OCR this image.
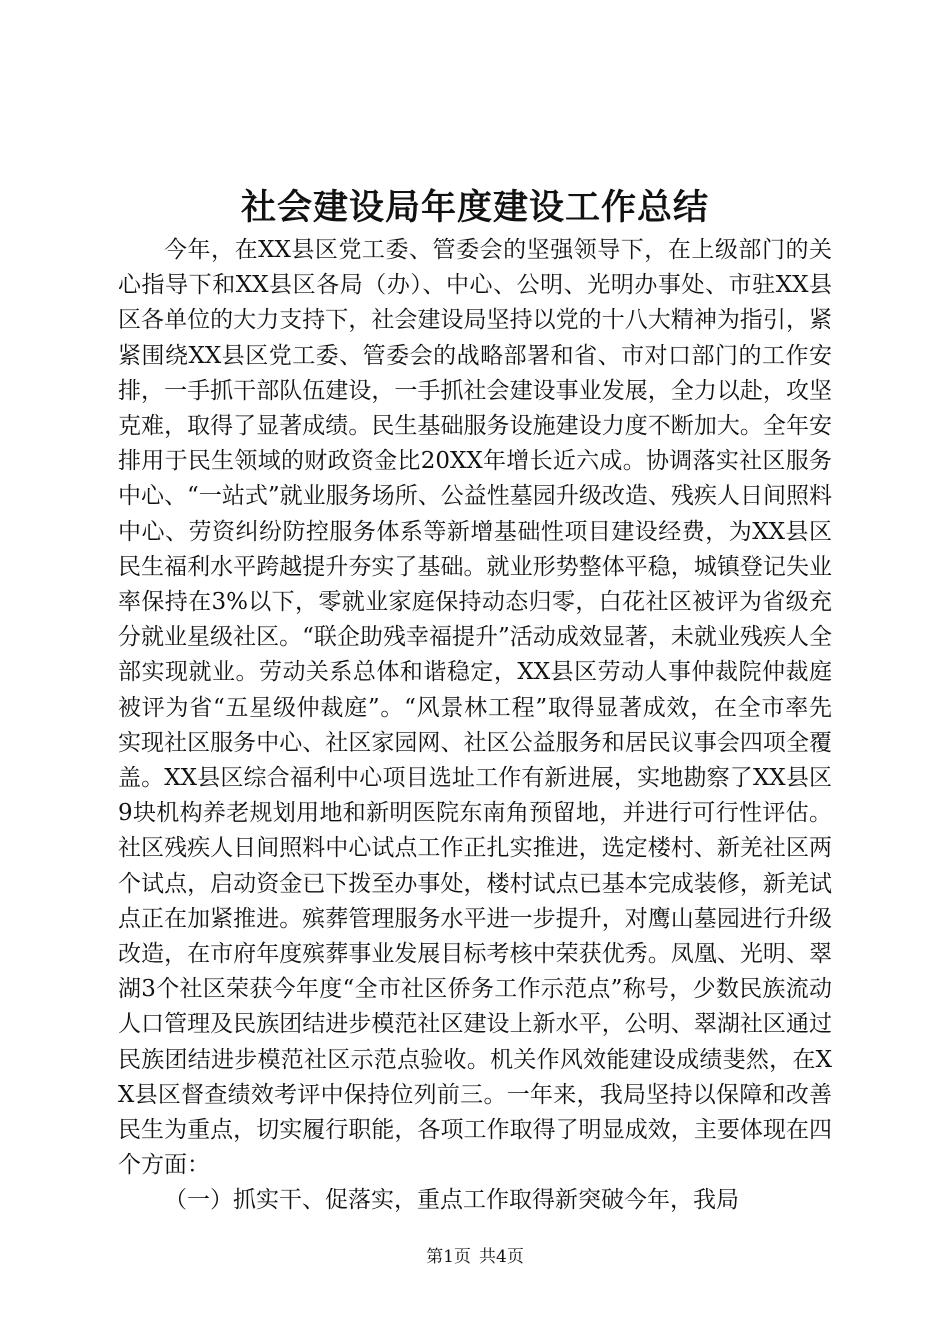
社会建设局年度建设工作总结

今年，在XX县区党工委、管委会的坚强领导下，在上级部门的关心指导下和XX县区各局（办）、中心、公明、光明办事处、市驻XX县区各单位的大力支持下，社会建设局坚持以党的十八大精神为指引，紧紧围绕XX县区党工委、管委会的战略部署和省、市对口部门的工作安排，一手抓干部队伍建设，一手抓社会建设事业发展，全力以赴，攻坚克难，取得了显著成绩。民生基础服务设施建设力度不断加大。全年安排用于民生领域的财政资金比20XX年增长近六成。协调落实社区服务中心、“一站式”就业服务场所、公益性墓园升级改造、残疾人日间照料中心、劳资纠纷防控服务体系等新增基础性项目建设经费，为XX县区民生福利水平跨越提升夯实了基础。就业形势整体平稳，城镇登记失业率保持在3%以下，零就业家庭保持动态归零，白花社区被评为省级充分就业星级社区。“联企助残幸福提升”活动成效显著，未就业残疾人全部实现就业。劳动关系总体和谐稳定，XX县区劳动人事仲裁院仲裁庭被评为省“五星级仲裁庭”。“风景林工程”取得显著成效，在全市率先实现社区服务中心、社区家园网、社区公益服务和居民议事会四项全覆盖。XX县区综合福利中心项目选址工作有新进展，实地勘察了XX县区9块机构养老规划用地和新明医院东南角预留地，并进行可行性评估。社区残疾人日间照料中心试点工作正扎实推进，选定楼村、新羌社区两个试点，启动资金已下拨至办事处，楼村试点已基本完成装修，新羌试点正在加紧推进。殡葬管理服务水平进一步提升，对鹰山墓园进行升级改造，在市府年度殡葬事业发展目标考核中荣获优秀。凤凰、光明、翠湖3个社区荣获今年度“全市社区侨务工作示范点”称号，少数民族流动人口管理及民族团结进步模范社区建设上新水平，公明、翠湖社区通过民族团结进步模范社区示范点验收。机关作风效能建设成绩斐然，在XX县区督查绩效考评中保持位列前三。一年来，我局坚持以保障和改善民生为重点，切实履行职能，各项工作取得了明显成效，主要体现在四个方面：

（一）抓实干、促落实，重点工作取得新突破今年，我局

第1页 共4页
